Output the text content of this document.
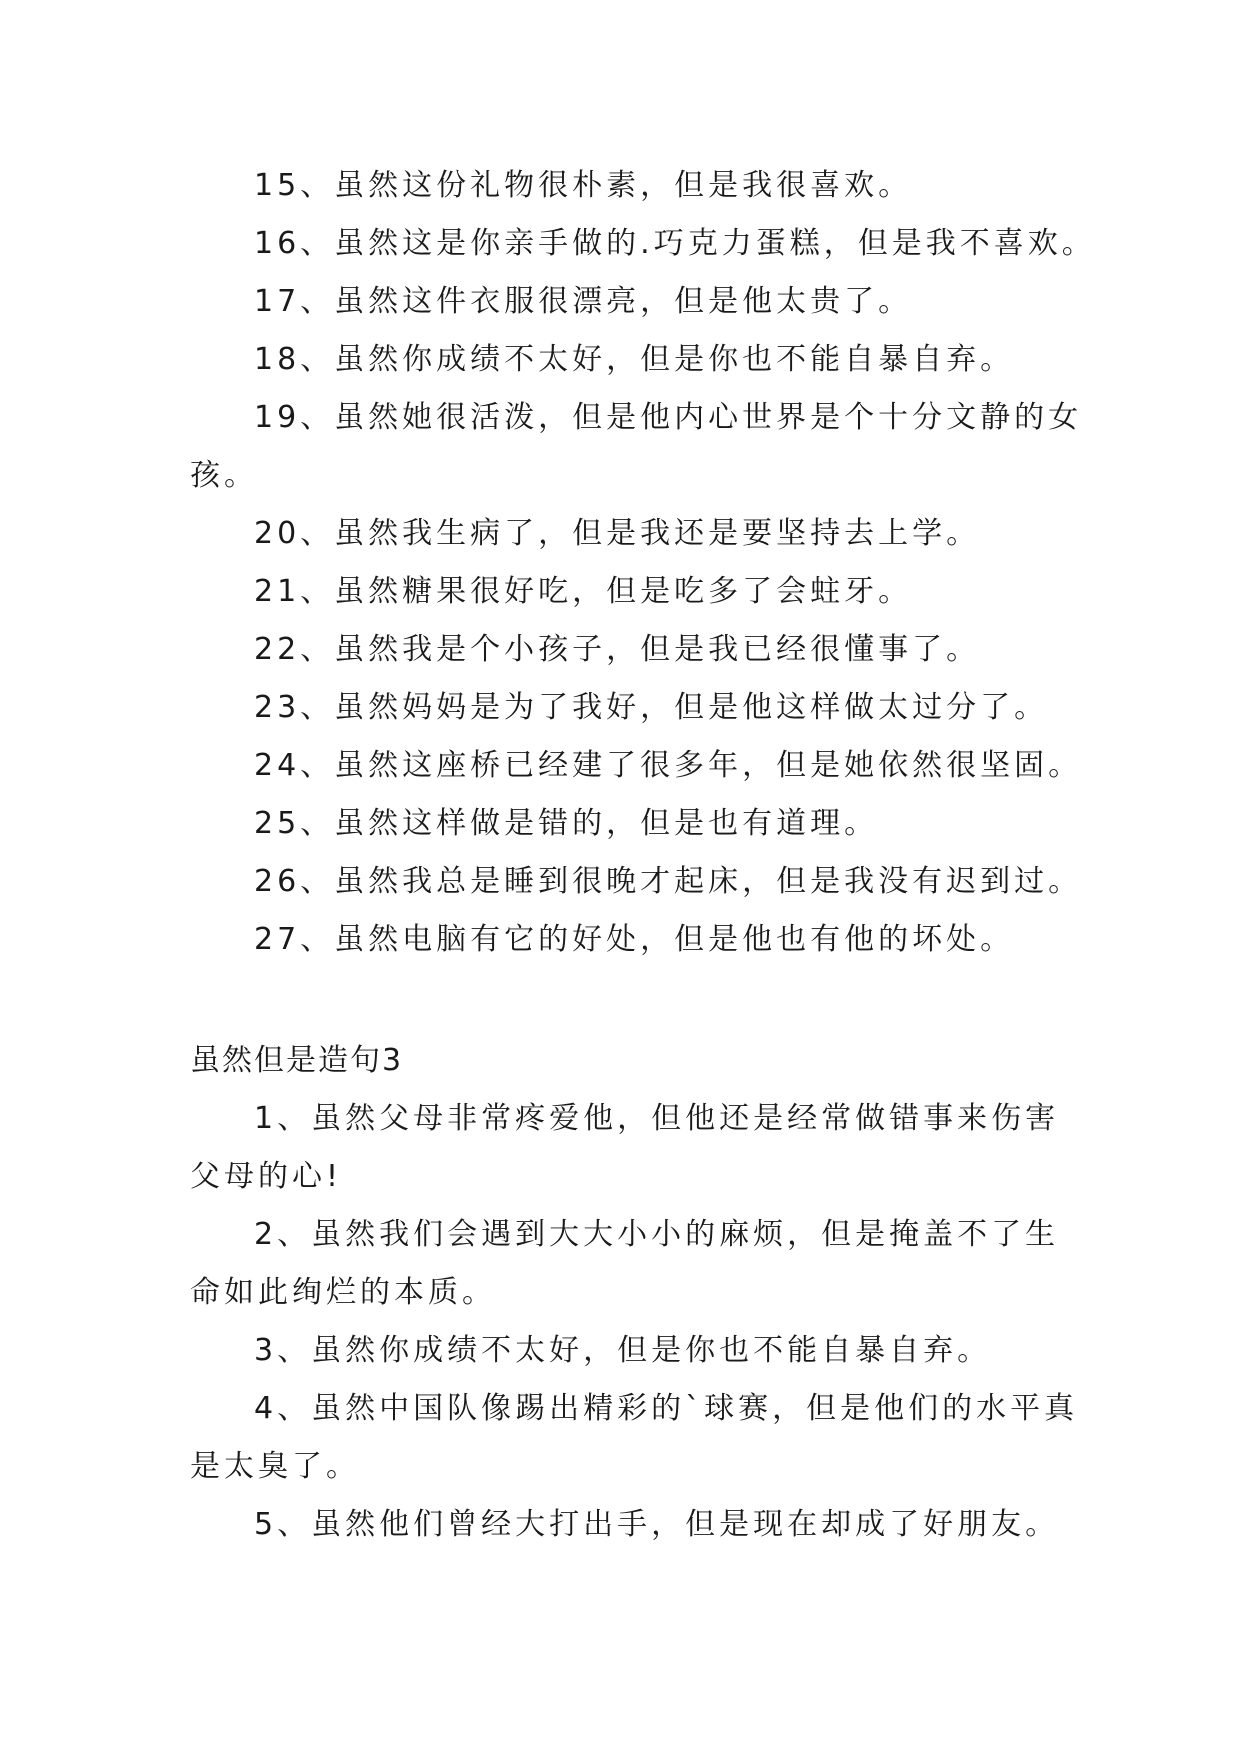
15、虽然这份礼物很朴素，但是我很喜欢。

16、虽然这是你亲手做的.巧克力蛋糕，但是我不喜欢。

17、虽然这件衣服很漂亮，但是他太贵了。

18、虽然你成绩不太好，但是你也不能自暴自弃。

19、虽然她很活泼，但是他内心世界是个十分文静的女

孩。

20、虽然我生病了，但是我还是要坚持去上学。

21、虽然糖果很好吃，但是吃多了会蛀牙。

22、虽然我是个小孩子，但是我已经很懂事了。

23、虽然妈妈是为了我好，但是他这样做太过分了。

24、虽然这座桥已经建了很多年，但是她依然很坚固。

25、虽然这样做是错的，但是也有道理。

26、虽然我总是睡到很晚才起床，但是我没有迟到过。

27、虽然电脑有它的好处，但是他也有他的坏处。

虽然但是造句3

1、虽然父母非常疼爱他，但他还是经常做错事来伤害

父母的心!

2、虽然我们会遇到大大小小的麻烦，但是掩盖不了生

命如此绚烂的本质。

3、虽然你成绩不太好，但是你也不能自暴自弃。

4、虽然中国队像踢出精彩的`球赛，但是他们的水平真

是太臭了。

5、虽然他们曾经大打出手，但是现在却成了好朋友。
